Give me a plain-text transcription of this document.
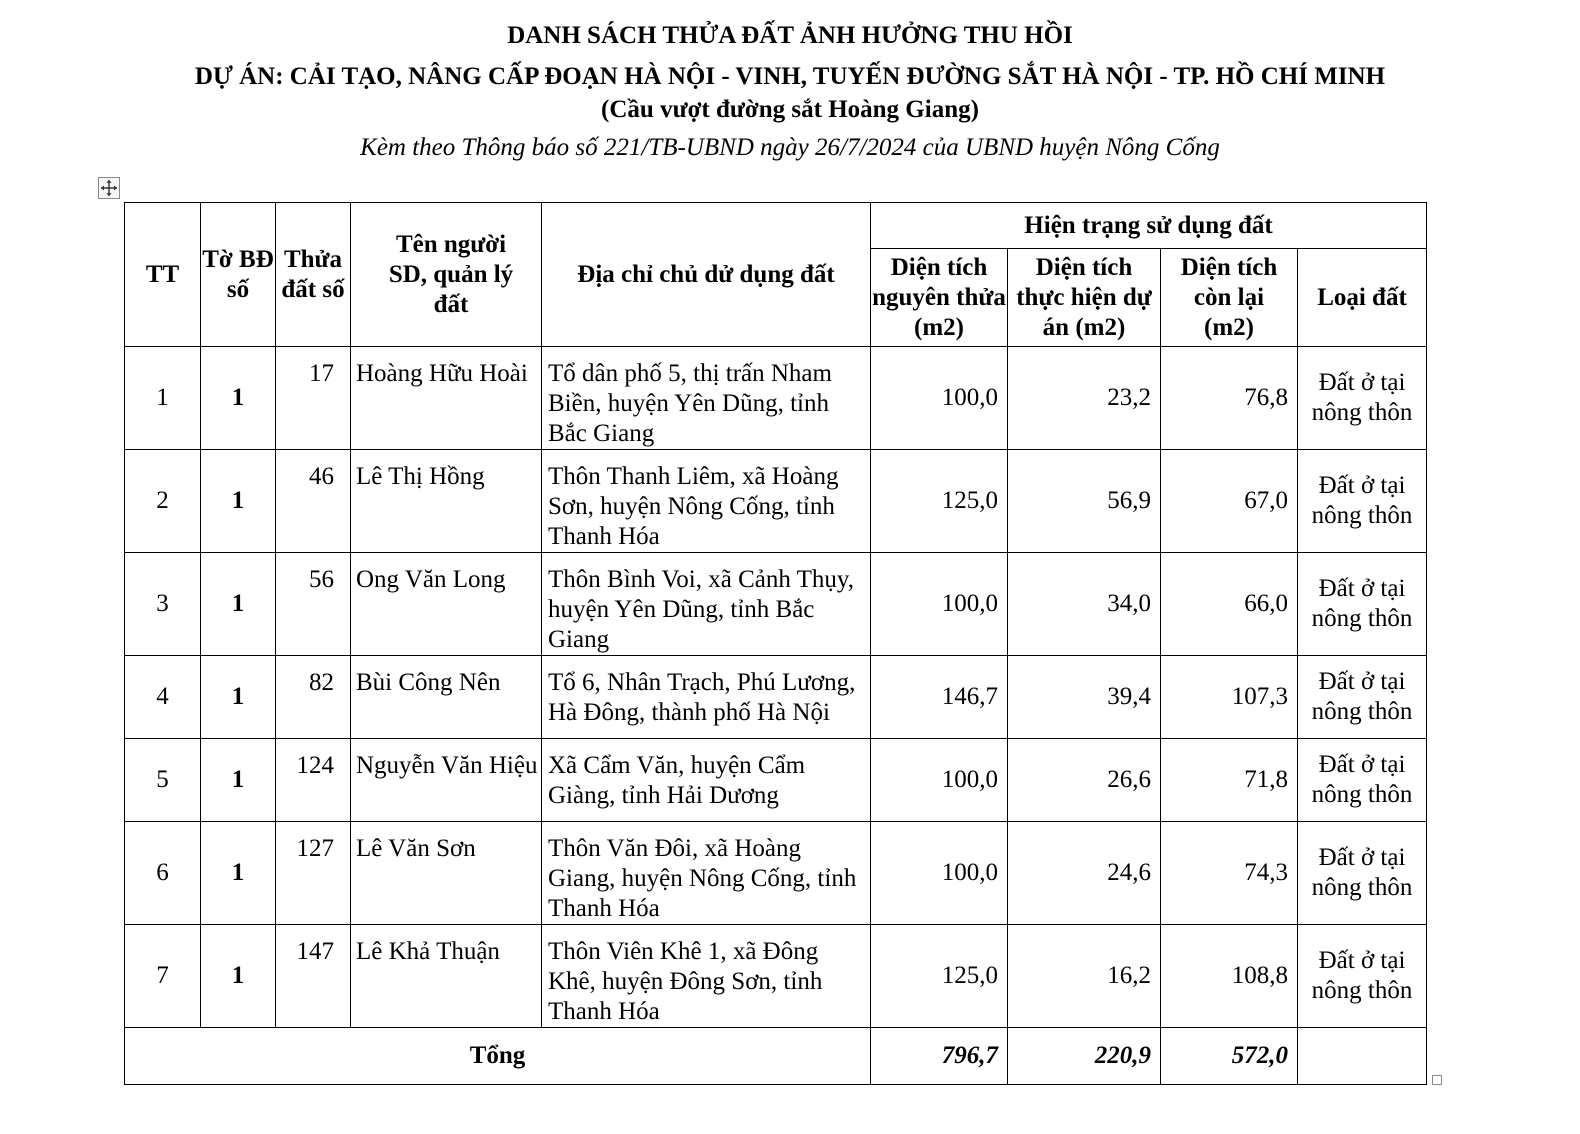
DANH SÁCH THỬA ĐẤT ẢNH HƯỞNG THU HỒI
DỰ ÁN: CẢI TẠO, NÂNG CẤP ĐOẠN HÀ NỘI - VINH, TUYẾN ĐƯỜNG SẮT HÀ NỘI - TP. HỒ CHÍ MINH
(Cầu vượt đường sắt Hoàng Giang)
Kèm theo Thông báo số 221/TB-UBND ngày 26/7/2024 của UBND huyện Nông Cống
TT	Tờ BĐ số	Thửa đất số	Tên người SD, quản lý đất	Địa chỉ chủ dử dụng đất	Hiện trạng sử dụng đất			
					Diện tích nguyên thửa (m2)	Diện tích thực hiện dự án (m2)	Diện tích còn lại (m2)	Loại đất
1	1	17	Hoàng Hữu Hoài	Tổ dân phố 5, thị trấn Nham Biền, huyện Yên Dũng, tỉnh Bắc Giang	100,0	23,2	76,8	Đất ở tại nông thôn
2	1	46	Lê Thị Hồng	Thôn Thanh Liêm, xã Hoàng Sơn, huyện Nông Cống, tỉnh Thanh Hóa	125,0	56,9	67,0	Đất ở tại nông thôn
3	1	56	Ong Văn Long	Thôn Bình Voi, xã Cảnh Thụy, huyện Yên Dũng, tỉnh Bắc Giang	100,0	34,0	66,0	Đất ở tại nông thôn
4	1	82	Bùi Công Nên	Tổ 6, Nhân Trạch, Phú Lương, Hà Đông, thành phố Hà Nội	146,7	39,4	107,3	Đất ở tại nông thôn
5	1	124	Nguyễn Văn Hiệu	Xã Cẩm Văn, huyện Cẩm Giàng, tỉnh Hải Dương	100,0	26,6	71,8	Đất ở tại nông thôn
6	1	127	Lê Văn Sơn	Thôn Văn Đôi, xã Hoàng Giang, huyện Nông Cống, tỉnh Thanh Hóa	100,0	24,6	74,3	Đất ở tại nông thôn
7	1	147	Lê Khả Thuận	Thôn Viên Khê 1, xã Đông Khê, huyện Đông Sơn, tỉnh Thanh Hóa	125,0	16,2	108,8	Đất ở tại nông thôn
Tổng					796,7	220,9	572,0	
